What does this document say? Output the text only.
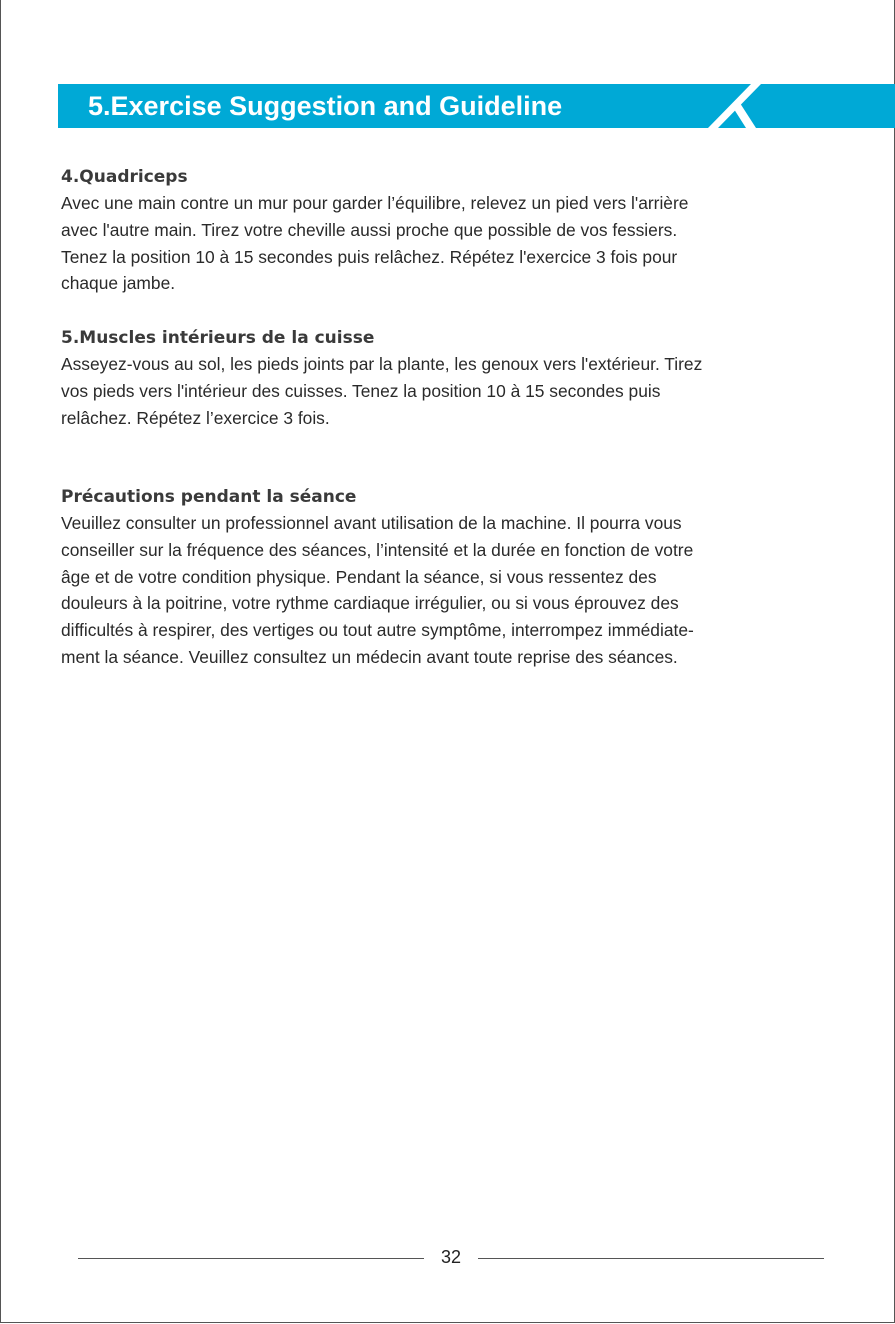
5.Exercise Suggestion and Guideline
4.Quadriceps
Avec une main contre un mur pour garder l’équilibre, relevez un pied vers l'arrière
avec l'autre main. Tirez votre cheville aussi proche que possible de vos fessiers.
Tenez la position 10 à 15 secondes puis relâchez. Répétez l'exercice 3 fois pour
chaque jambe.
5.Muscles intérieurs de la cuisse
Asseyez-vous au sol, les pieds joints par la plante, les genoux vers l'extérieur. Tirez
vos pieds vers l'intérieur des cuisses. Tenez la position 10 à 15 secondes puis
relâchez. Répétez l’exercice 3 fois.
Précautions pendant la séance
Veuillez consulter un professionnel avant utilisation de la machine. Il pourra vous
conseiller sur la fréquence des séances, l’intensité et la durée en fonction de votre
âge et de votre condition physique. Pendant la séance, si vous ressentez des
douleurs à la poitrine, votre rythme cardiaque irrégulier, ou si vous éprouvez des
difficultés à respirer, des vertiges ou tout autre symptôme, interrompez immédiate-
ment la séance. Veuillez consultez un médecin avant toute reprise des séances.
32
